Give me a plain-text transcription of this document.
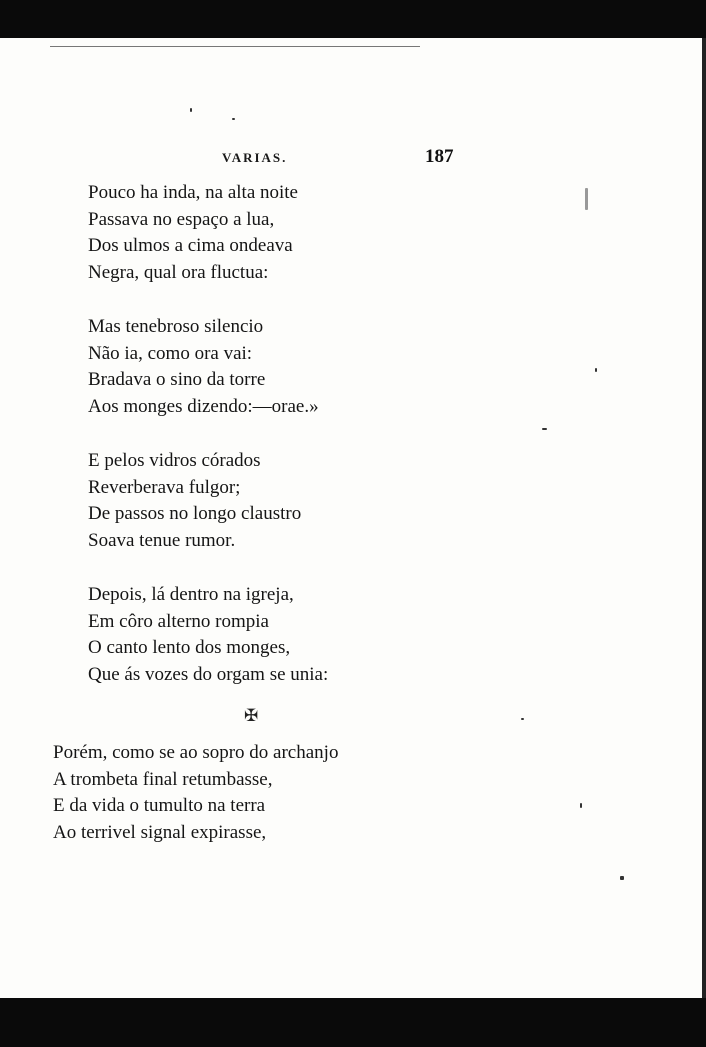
VARIAS.	187
Pouco ha inda, na alta noite
Passava no espaço a lua,
Dos ulmos a cima ondeava
Negra, qual ora fluctua:
Mas tenebroso silencio
Não ia, como ora vai:
Bradava o sino da torre
Aos monges dizendo:—orae.»
E pelos vidros córados
Reverberava fulgor;
De passos no longo claustro
Soava tenue rumor.
Depois, lá dentro na igreja,
Em côro alterno rompia
O canto lento dos monges,
Que ás vozes do orgam se unia:
✠
Porém, como se ao sopro do archanjo
A trombeta final retumbasse,
E da vida o tumulto na terra
Ao terrivel signal expirasse,
